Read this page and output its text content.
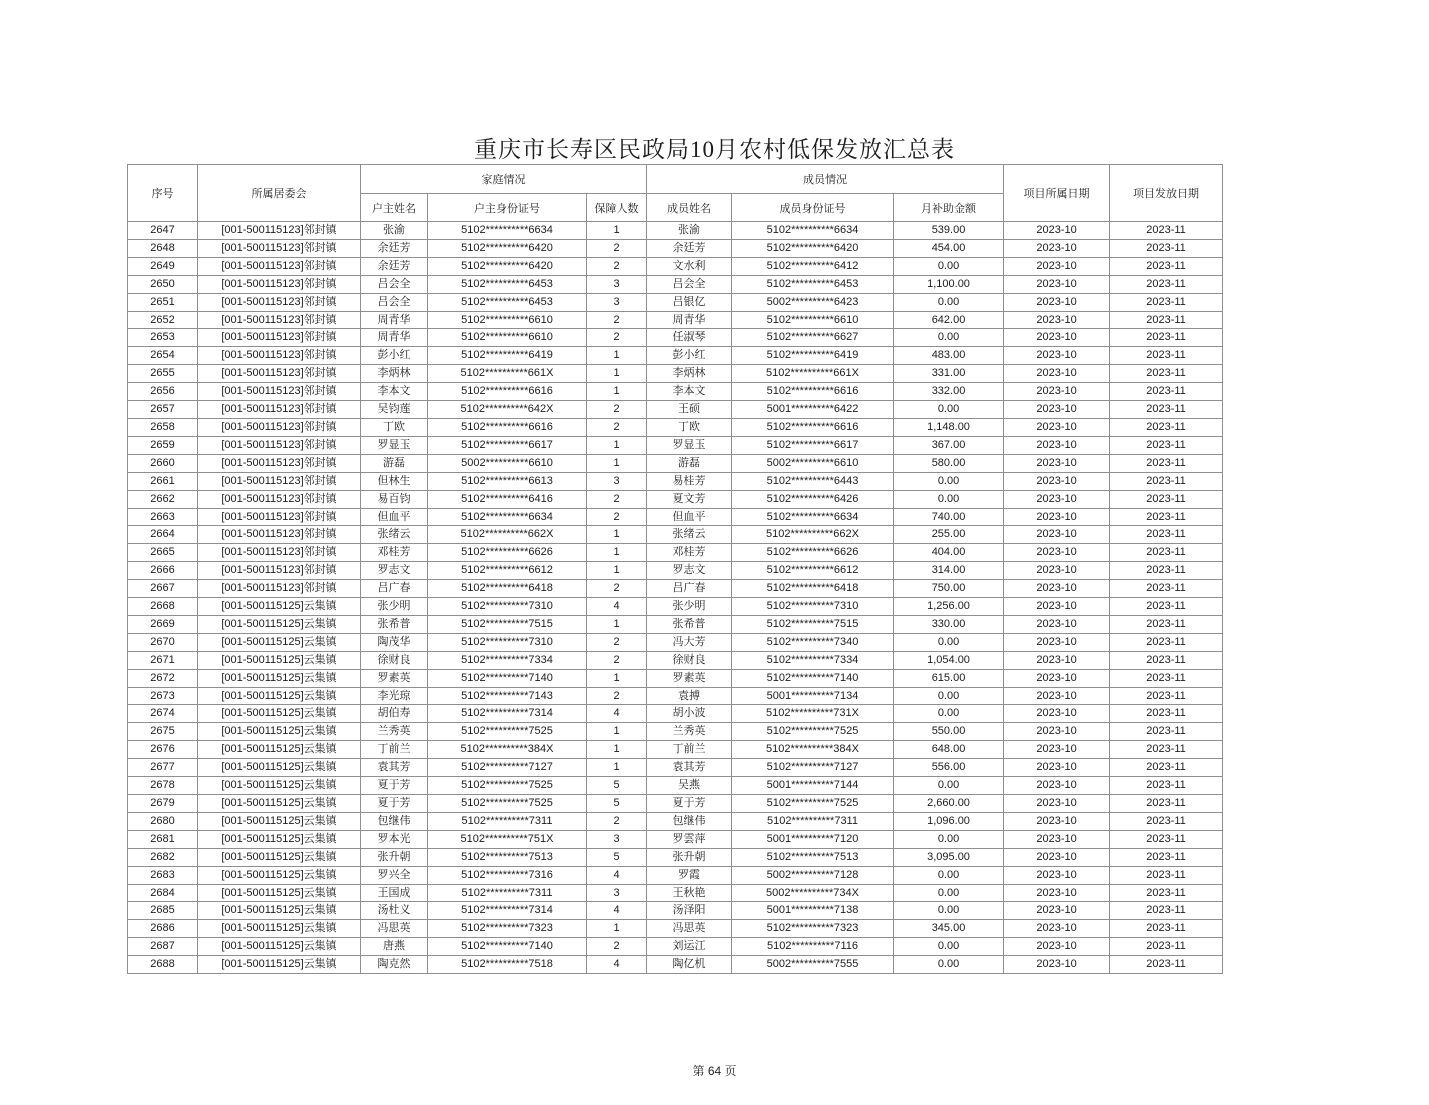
重庆市长寿区民政局10月农村低保发放汇总表
序号	所属居委会	家庭情况			成员情况			项目所属日期	项目发放日期
		户主姓名	户主身份证号	保障人数	成员姓名	成员身份证号	月补助金额		
2647	[001-500115123]邻封镇	张渝	5102**********6634	1	张渝	5102**********6634	539.00	2023-10	2023-11
2648	[001-500115123]邻封镇	余廷芳	5102**********6420	2	余廷芳	5102**********6420	454.00	2023-10	2023-11
2649	[001-500115123]邻封镇	余廷芳	5102**********6420	2	文水利	5102**********6412	0.00	2023-10	2023-11
2650	[001-500115123]邻封镇	吕会全	5102**********6453	3	吕会全	5102**********6453	1,100.00	2023-10	2023-11
2651	[001-500115123]邻封镇	吕会全	5102**********6453	3	吕银亿	5002**********6423	0.00	2023-10	2023-11
2652	[001-500115123]邻封镇	周青华	5102**********6610	2	周青华	5102**********6610	642.00	2023-10	2023-11
2653	[001-500115123]邻封镇	周青华	5102**********6610	2	任淑琴	5102**********6627	0.00	2023-10	2023-11
2654	[001-500115123]邻封镇	彭小红	5102**********6419	1	彭小红	5102**********6419	483.00	2023-10	2023-11
2655	[001-500115123]邻封镇	李炳林	5102**********661X	1	李炳林	5102**********661X	331.00	2023-10	2023-11
2656	[001-500115123]邻封镇	李本文	5102**********6616	1	李本文	5102**********6616	332.00	2023-10	2023-11
2657	[001-500115123]邻封镇	吴钧莲	5102**********642X	2	王硕	5001**********6422	0.00	2023-10	2023-11
2658	[001-500115123]邻封镇	丁欧	5102**********6616	2	丁欧	5102**********6616	1,148.00	2023-10	2023-11
2659	[001-500115123]邻封镇	罗显玉	5102**********6617	1	罗显玉	5102**********6617	367.00	2023-10	2023-11
2660	[001-500115123]邻封镇	游磊	5002**********6610	1	游磊	5002**********6610	580.00	2023-10	2023-11
2661	[001-500115123]邻封镇	但林生	5102**********6613	3	易桂芳	5102**********6443	0.00	2023-10	2023-11
2662	[001-500115123]邻封镇	易百钧	5102**********6416	2	夏文芳	5102**********6426	0.00	2023-10	2023-11
2663	[001-500115123]邻封镇	但血平	5102**********6634	2	但血平	5102**********6634	740.00	2023-10	2023-11
2664	[001-500115123]邻封镇	张绪云	5102**********662X	1	张绪云	5102**********662X	255.00	2023-10	2023-11
2665	[001-500115123]邻封镇	邓桂芳	5102**********6626	1	邓桂芳	5102**********6626	404.00	2023-10	2023-11
2666	[001-500115123]邻封镇	罗志文	5102**********6612	1	罗志文	5102**********6612	314.00	2023-10	2023-11
2667	[001-500115123]邻封镇	吕广春	5102**********6418	2	吕广春	5102**********6418	750.00	2023-10	2023-11
2668	[001-500115125]云集镇	张少明	5102**********7310	4	张少明	5102**********7310	1,256.00	2023-10	2023-11
2669	[001-500115125]云集镇	张希普	5102**********7515	1	张希普	5102**********7515	330.00	2023-10	2023-11
2670	[001-500115125]云集镇	陶茂华	5102**********7310	2	冯大芳	5102**********7340	0.00	2023-10	2023-11
2671	[001-500115125]云集镇	徐财良	5102**********7334	2	徐财良	5102**********7334	1,054.00	2023-10	2023-11
2672	[001-500115125]云集镇	罗素英	5102**********7140	1	罗素英	5102**********7140	615.00	2023-10	2023-11
2673	[001-500115125]云集镇	李光琼	5102**********7143	2	袁搏	5001**********7134	0.00	2023-10	2023-11
2674	[001-500115125]云集镇	胡伯寿	5102**********7314	4	胡小波	5102**********731X	0.00	2023-10	2023-11
2675	[001-500115125]云集镇	兰秀英	5102**********7525	1	兰秀英	5102**********7525	550.00	2023-10	2023-11
2676	[001-500115125]云集镇	丁前兰	5102**********384X	1	丁前兰	5102**********384X	648.00	2023-10	2023-11
2677	[001-500115125]云集镇	袁其芳	5102**********7127	1	袁其芳	5102**********7127	556.00	2023-10	2023-11
2678	[001-500115125]云集镇	夏于芳	5102**********7525	5	吴燕	5001**********7144	0.00	2023-10	2023-11
2679	[001-500115125]云集镇	夏于芳	5102**********7525	5	夏于芳	5102**********7525	2,660.00	2023-10	2023-11
2680	[001-500115125]云集镇	包继伟	5102**********7311	2	包继伟	5102**********7311	1,096.00	2023-10	2023-11
2681	[001-500115125]云集镇	罗本光	5102**********751X	3	罗雲萍	5001**********7120	0.00	2023-10	2023-11
2682	[001-500115125]云集镇	张升朝	5102**********7513	5	张升朝	5102**********7513	3,095.00	2023-10	2023-11
2683	[001-500115125]云集镇	罗兴全	5102**********7316	4	罗霞	5002**********7128	0.00	2023-10	2023-11
2684	[001-500115125]云集镇	王国成	5102**********7311	3	王秋艳	5002**********734X	0.00	2023-10	2023-11
2685	[001-500115125]云集镇	汤杜义	5102**********7314	4	汤泽阳	5001**********7138	0.00	2023-10	2023-11
2686	[001-500115125]云集镇	冯思英	5102**********7323	1	冯思英	5102**********7323	345.00	2023-10	2023-11
2687	[001-500115125]云集镇	唐燕	5102**********7140	2	刘运江	5102**********7116	0.00	2023-10	2023-11
2688	[001-500115125]云集镇	陶克然	5102**********7518	4	陶亿机	5002**********7555	0.00	2023-10	2023-11
第 64 页
